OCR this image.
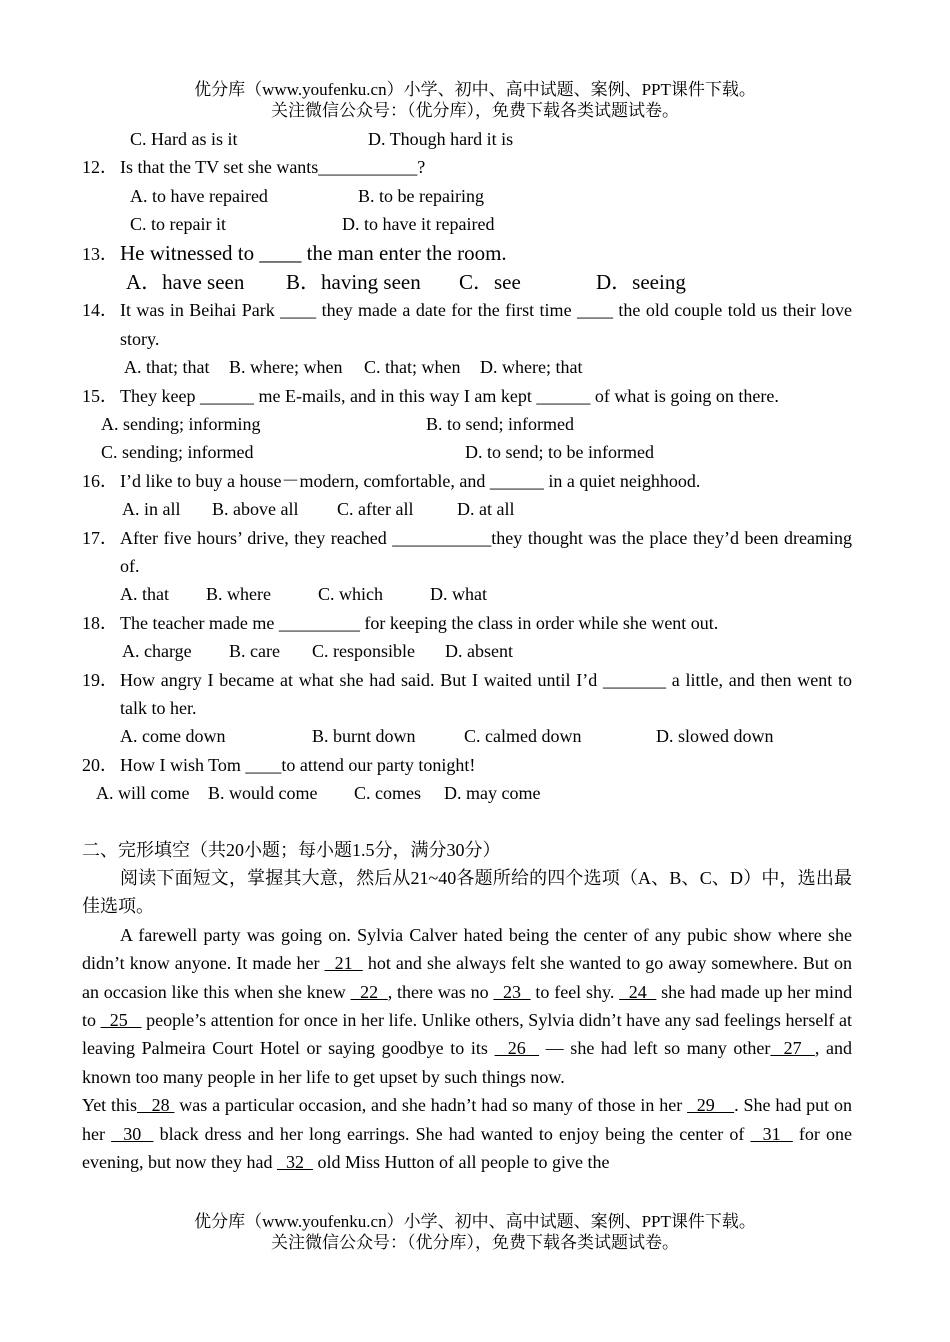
优分库（www.youfenku.cn）小学、初中、高中试题、案例、PPT课件下载。
关注微信公众号：（优分库），免费下载各类试题试卷。
C. Hard as is it	D. Though hard it is
12． Is that the TV set she wants___________?
A. to have repaired	B. to be repairing
C. to repair it	D. to have it repaired
13．He witnessed to ____ the man enter the room.
A．have seen B．having seen C．see	D．seeing
14． It was in Beihai Park ____ they made a date for the first time ____ the old couple told us their love story.
A. that; that B. where; when C. that; when D. where; that
15． They keep ______ me E-mails, and in this way I am kept ______ of what is going on there.
A. sending; informing	B. to send; informed
C. sending; informed	D. to send; to be informed
16． I’d like to buy a house－modern, comfortable, and ______ in a quiet neighhood.
A. in all B. above all C. after all D. at all
17． After five hours’ drive, they reached ___________they thought was the place they’d been dreaming of.
A. that B. where	C. which	D. what
18． The teacher made me _________ for keeping the class in order while she went out.
A. charge B. care C. responsible D. absent
19． How angry I became at what she had said. But I waited until I’d _______ a little, and then went to talk to her.
A. come down	B. burnt down	C. calmed down	D. slowed down
20． How I wish Tom ____to attend our party tonight!
A. will come B. would come C. comes D. may come
二、完形填空（共20小题；每小题1.5分，满分30分）
阅读下面短文，掌握其大意，然后从21~40各题所给的四个选项（A、B、C、D）中，选出最佳选项。
A farewell party was going on. Sylvia Calver hated being the center of any pubic show where she didn’t know anyone. It made her   21   hot and she always felt she wanted to go away somewhere. But on an occasion like this when she knew   22  , there was no   23   to feel shy.   24   she had made up her mind to   25    people’s attention for once in her life. Unlike others, Sylvia didn’t have any sad feelings herself at leaving Palmeira Court Hotel or saying goodbye to its   26   — she had left so many other  27  , and known too many people in her life to get upset by such things now.
Yet this   28  was a particular occasion, and she hadn’t had so many of those in her   29    . She had put on her   30   black dress and her long earrings. She had wanted to enjoy being the center of   31   for one evening, but now they had   32   old Miss Hutton of all people to give the
优分库（www.youfenku.cn）小学、初中、高中试题、案例、PPT课件下载。
关注微信公众号：（优分库），免费下载各类试题试卷。
